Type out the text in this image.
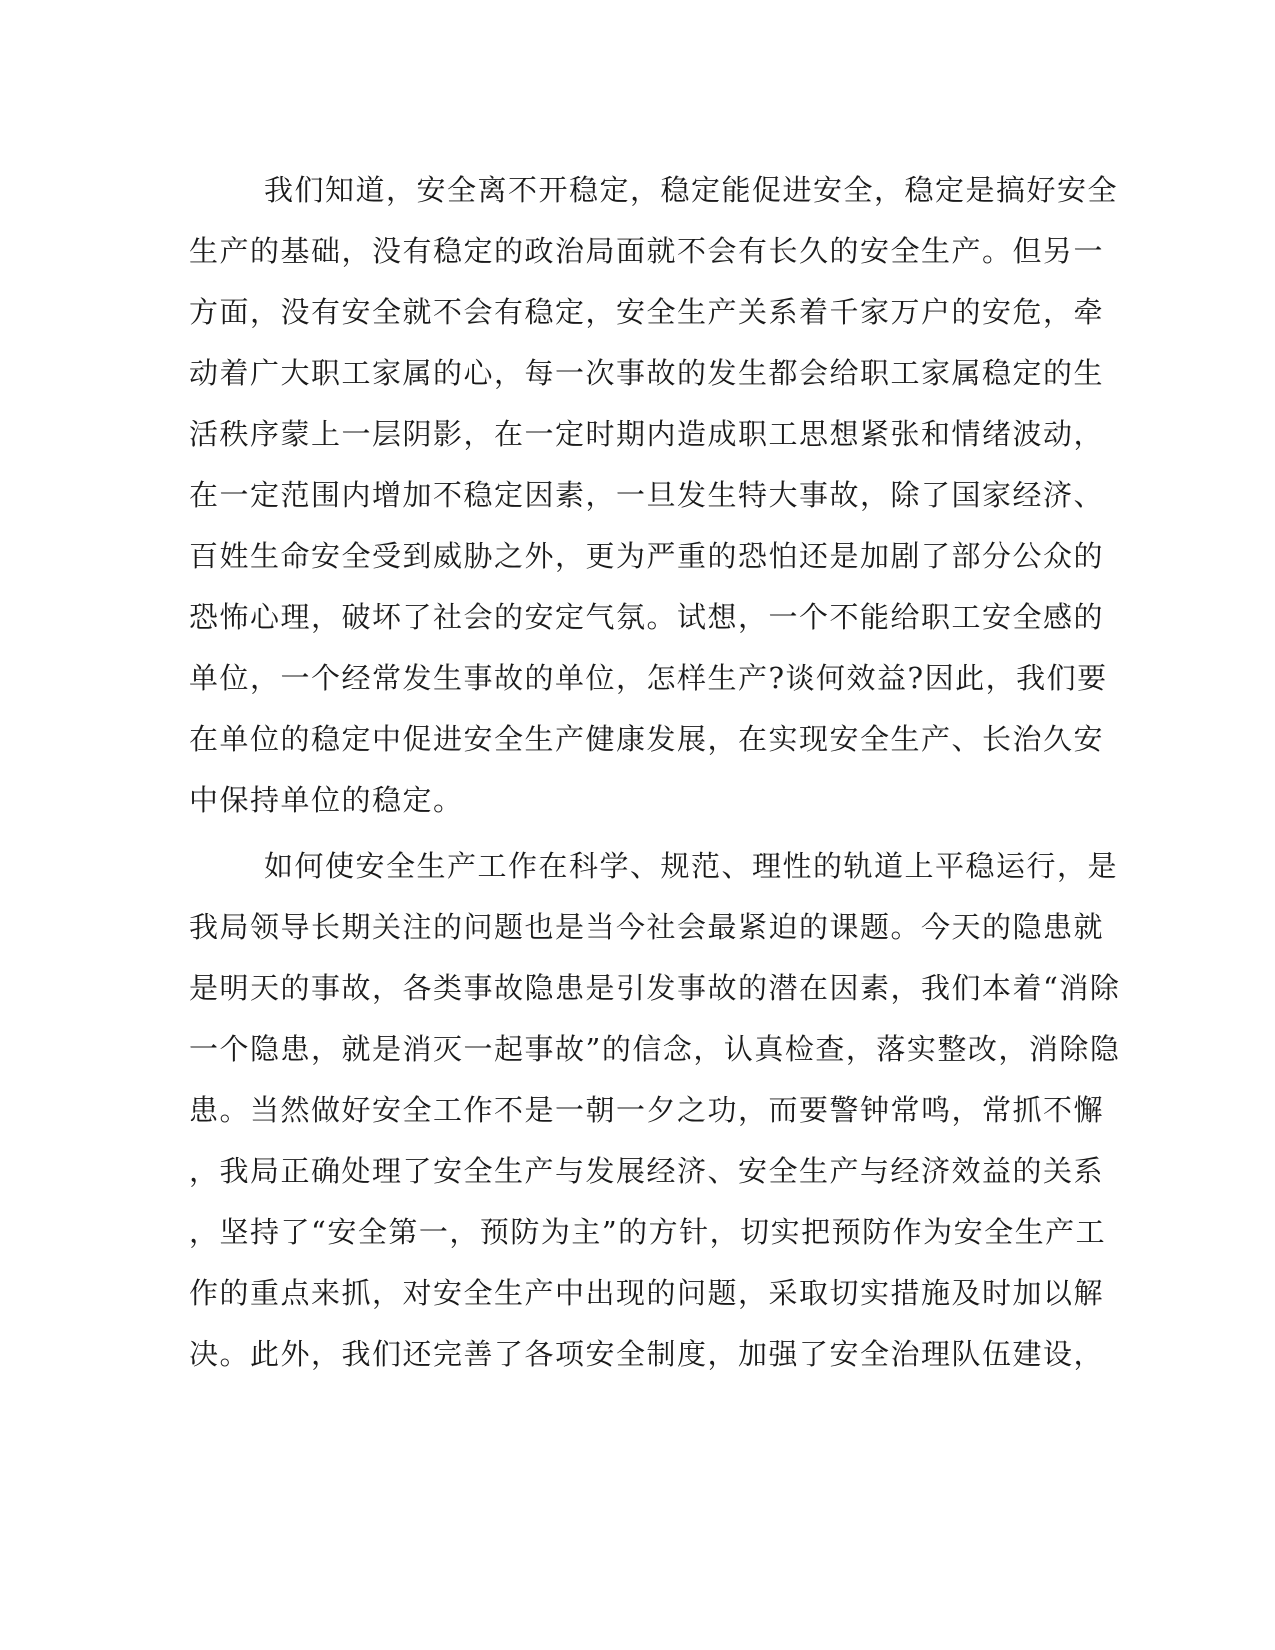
我们知道，安全离不开稳定，稳定能促进安全，稳定是搞好安全
生产的基础，没有稳定的政治局面就不会有长久的安全生产。但另一
方面，没有安全就不会有稳定，安全生产关系着千家万户的安危，牵
动着广大职工家属的心，每一次事故的发生都会给职工家属稳定的生
活秩序蒙上一层阴影，在一定时期内造成职工思想紧张和情绪波动，
在一定范围内增加不稳定因素，一旦发生特大事故，除了国家经济、
百姓生命安全受到威胁之外，更为严重的恐怕还是加剧了部分公众的
恐怖心理，破坏了社会的安定气氛。试想，一个不能给职工安全感的
单位，一个经常发生事故的单位，怎样生产?谈何效益?因此，我们要
在单位的稳定中促进安全生产健康发展，在实现安全生产、长治久安
中保持单位的稳定。
如何使安全生产工作在科学、规范、理性的轨道上平稳运行，是
我局领导长期关注的问题也是当今社会最紧迫的课题。今天的隐患就
是明天的事故，各类事故隐患是引发事故的潜在因素，我们本着“消除
一个隐患，就是消灭一起事故”的信念，认真检查，落实整改，消除隐
患。当然做好安全工作不是一朝一夕之功，而要警钟常鸣，常抓不懈
，我局正确处理了安全生产与发展经济、安全生产与经济效益的关系
，坚持了“安全第一，预防为主”的方针，切实把预防作为安全生产工
作的重点来抓，对安全生产中出现的问题，采取切实措施及时加以解
决。此外，我们还完善了各项安全制度，加强了安全治理队伍建设，
